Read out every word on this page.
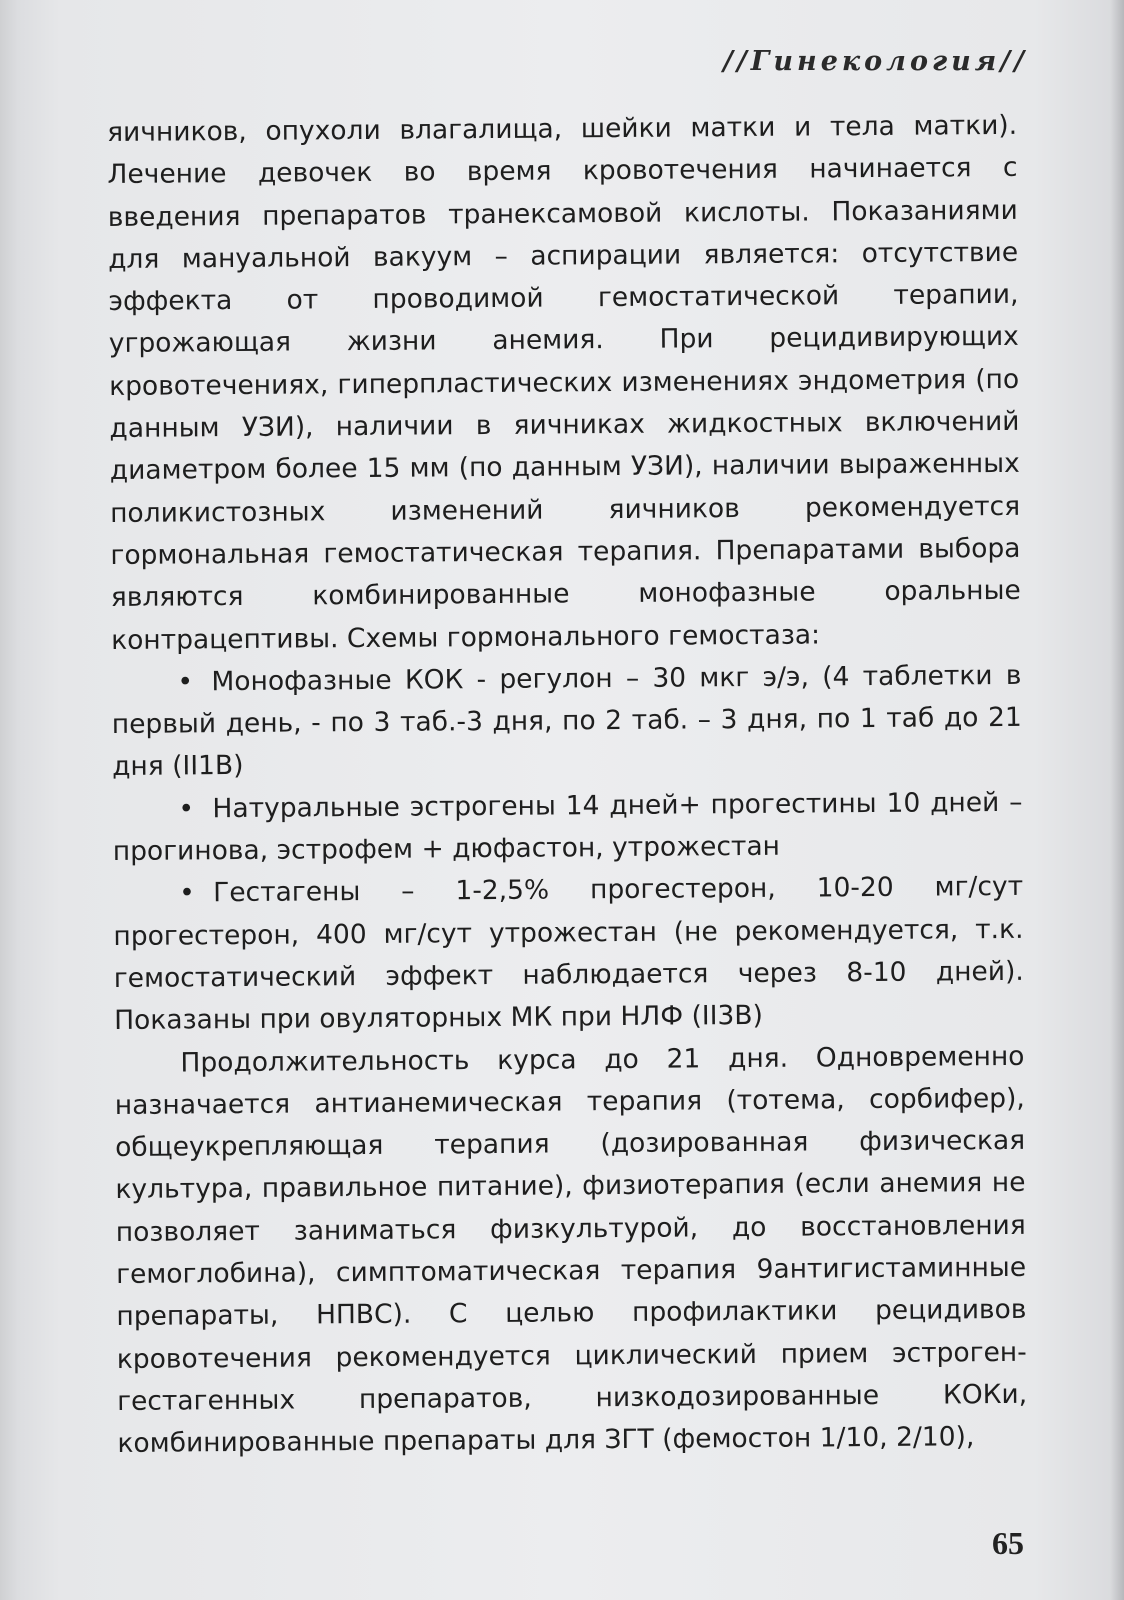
//Гинекология//

яичников, опухоли влагалища, шейки матки и тела матки). Лечение девочек во время кровотечения начинается с введения препаратов транексамовой кислоты. Показаниями для мануальной вакуум – аспирации является: отсутствие эффекта от проводимой гемостатической терапии, угрожающая жизни анемия. При рецидивирующих кровотечениях, гиперпластических изменениях эндометрия (по данным УЗИ), наличии в яичниках жидкостных включений диаметром более 15 мм (по данным УЗИ), наличии выраженных поликистозных изменений яичников рекомендуется гормональная гемостатическая терапия. Препаратами выбора являются комбинированные монофазные оральные контрацептивы. Схемы гормонального гемостаза:

• Монофазные КОК - регулон – 30 мкг э/э, (4 таблетки в первый день, - по 3 таб.-3 дня, по 2 таб. – 3 дня, по 1 таб до 21 дня (II1B)

• Натуральные эстрогены 14 дней+ прогестины 10 дней – прогинова, эстрофем + дюфастон, утрожестан

• Гестагены – 1-2,5% прогестерон, 10-20 мг/сут прогестерон, 400 мг/сут утрожестан (не рекомендуется, т.к. гемостатический эффект наблюдается через 8-10 дней). Показаны при овуляторных МК при НЛФ (II3B)

Продолжительность курса до 21 дня. Одновременно назначается антианемическая терапия (тотема, сорбифер), общеукрепляющая терапия (дозированная физическая культура, правильное питание), физиотерапия (если анемия не позволяет заниматься физкультурой, до восстановления гемоглобина), симптоматическая терапия 9антигистаминные препараты, НПВС). С целью профилактики рецидивов кровотечения рекомендуется циклический прием эстроген-гестагенных препаратов, низкодозированные КОКи, комбинированные препараты для ЗГТ (фемостон 1/10, 2/10),

65
